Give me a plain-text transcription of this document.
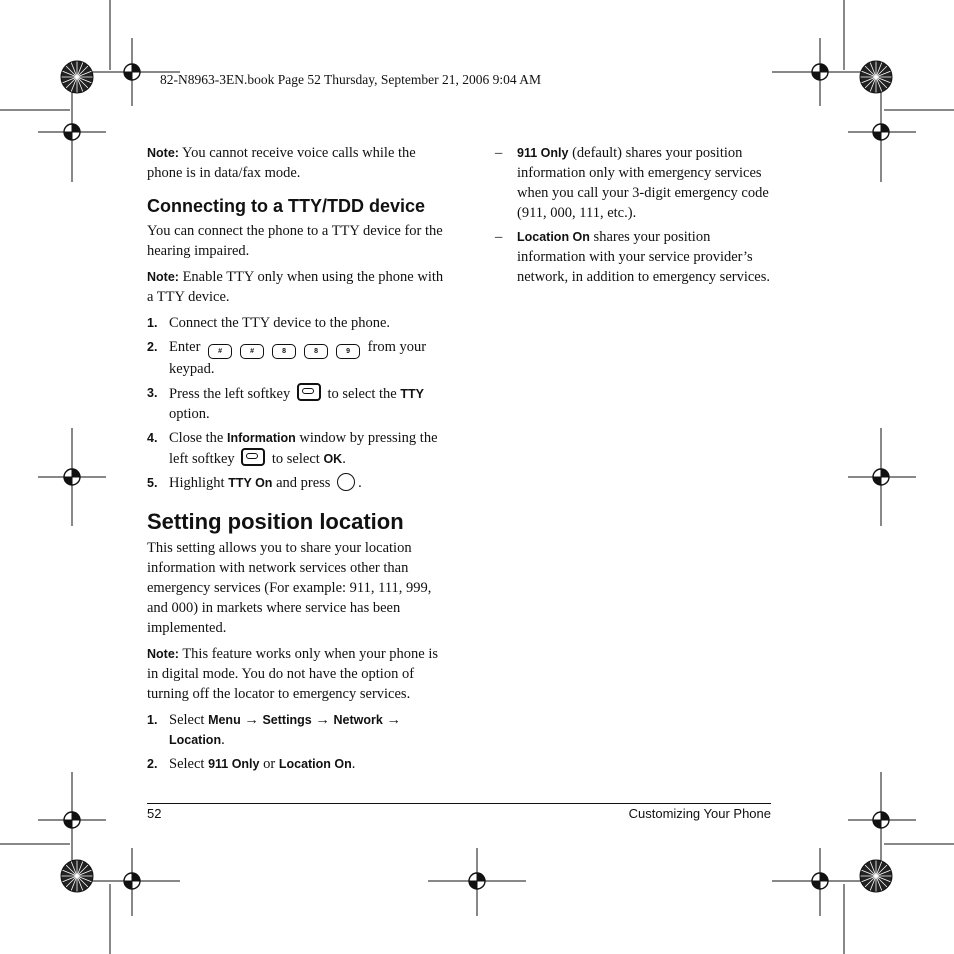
82-N8963-3EN.book Page 52 Thursday, September 21, 2006 9:04 AM

Note: You cannot receive voice calls while the phone is in data/fax mode.

Connecting to a TTY/TDD device

You can connect the phone to a TTY device for the hearing impaired.

Note: Enable TTY only when using the phone with a TTY device.

1. Connect the TTY device to the phone.
2. Enter	#	#	8	8	9 from your keypad.
3. Press the left softkey	to select the TTY option.
4. Close the Information window by pressing the left softkey	to select OK.
5. Highlight TTY On and press .

Setting position location

This setting allows you to share your location information with network services other than emergency services (For example: 911, 111, 999, and 000) in markets where service has been implemented.

Note: This feature works only when your phone is in digital mode. You do not have the option of turning off the locator to emergency services.

1. Select Menu → Settings → Network → Location.
2. Select 911 Only or Location On.
– 911 Only (default) shares your position information only with emergency services when you call your 3-digit emergency code (911, 000, 111, etc.).
– Location On shares your position information with your service provider’s network, in addition to emergency services.
52	Customizing Your Phone
